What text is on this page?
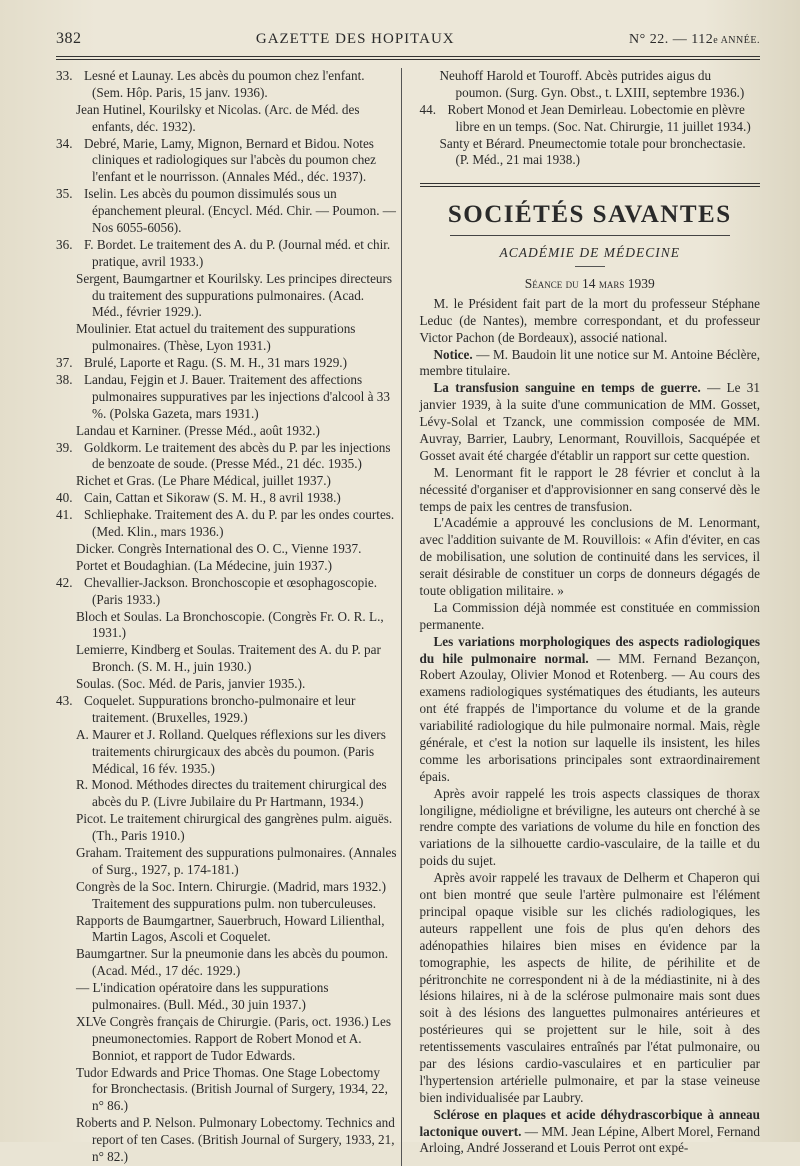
382	GAZETTE DES HOPITAUX	N° 22. — 112e ANNÉE.

33. Lesné et Launay. Les abcès du poumon chez l'enfant. (Sem. Hôp. Paris, 15 janv. 1936).

Jean Hutinel, Kourilsky et Nicolas. (Arc. de Méd. des enfants, déc. 1932).

34. Debré, Marie, Lamy, Mignon, Bernard et Bidou. Notes cliniques et radiologiques sur l'abcès du poumon chez l'enfant et le nourrisson. (Annales Méd., déc. 1937).

35. Iselin. Les abcès du poumon dissimulés sous un épanchement pleural. (Encycl. Méd. Chir. — Poumon. — Nos 6055-6056).

36. F. Bordet. Le traitement des A. du P. (Journal méd. et chir. pratique, avril 1933.)

Sergent, Baumgartner et Kourilsky. Les principes directeurs du traitement des suppurations pulmonaires. (Acad. Méd., février 1929.).

Moulinier. Etat actuel du traitement des suppurations pulmonaires. (Thèse, Lyon 1931.)

37. Brulé, Laporte et Ragu. (S. M. H., 31 mars 1929.)

38. Landau, Fejgin et J. Bauer. Traitement des affections pulmonaires suppuratives par les injections d'alcool à 33 %. (Polska Gazeta, mars 1931.)

Landau et Karniner. (Presse Méd., août 1932.)

39. Goldkorm. Le traitement des abcès du P. par les injections de benzoate de soude. (Presse Méd., 21 déc. 1935.)

Richet et Gras. (Le Phare Médical, juillet 1937.)

40. Cain, Cattan et Sikoraw (S. M. H., 8 avril 1938.)

41. Schliephake. Traitement des A. du P. par les ondes courtes. (Med. Klin., mars 1936.)

Dicker. Congrès International des O. C., Vienne 1937.

Portet et Boudaghian. (La Médecine, juin 1937.)

42. Chevallier-Jackson. Bronchoscopie et œsophagoscopie. (Paris 1933.)

Bloch et Soulas. La Bronchoscopie. (Congrès Fr. O. R. L., 1931.)

Lemierre, Kindberg et Soulas. Traitement des A. du P. par Bronch. (S. M. H., juin 1930.)

Soulas. (Soc. Méd. de Paris, janvier 1935.).

43. Coquelet. Suppurations broncho-pulmonaire et leur traitement. (Bruxelles, 1929.)

A. Maurer et J. Rolland. Quelques réflexions sur les divers traitements chirurgicaux des abcès du poumon. (Paris Médical, 16 fév. 1935.)

R. Monod. Méthodes directes du traitement chirurgical des abcès du P. (Livre Jubilaire du Pr Hartmann, 1934.)

Picot. Le traitement chirurgical des gangrènes pulm. aiguës. (Th., Paris 1910.)

Graham. Traitement des suppurations pulmonaires. (Annales of Surg., 1927, p. 174-181.)

Congrès de la Soc. Intern. Chirurgie. (Madrid, mars 1932.) Traitement des suppurations pulm. non tuberculeuses.

Rapports de Baumgartner, Sauerbruch, Howard Lilienthal, Martin Lagos, Ascoli et Coquelet.

Baumgartner. Sur la pneumonie dans les abcès du poumon. (Acad. Méd., 17 déc. 1929.)

— L'indication opératoire dans les suppurations pulmonaires. (Bull. Méd., 30 juin 1937.)

XLVe Congrès français de Chirurgie. (Paris, oct. 1936.) Les pneumonectomies. Rapport de Robert Monod et A. Bonniot, et rapport de Tudor Edwards.

Tudor Edwards and Price Thomas. One Stage Lobectomy for Bronchectasis. (British Journal of Surgery, 1934, 22, n° 86.)

Roberts and P. Nelson. Pulmonary Lobectomy. Technics and report of ten Cases. (British Journal of Surgery, 1933, 21, n° 82.)

Neuhoff Harold et Touroff. Abcès putrides aigus du poumon. (Surg. Gyn. Obst., t. LXIII, septembre 1936.)

44. Robert Monod et Jean Demirleau. Lobectomie en plèvre libre en un temps. (Soc. Nat. Chirurgie, 11 juillet 1934.)

Santy et Bérard. Pneumectomie totale pour bronchectasie. (P. Méd., 21 mai 1938.)

SOCIÉTÉS SAVANTES
ACADÉMIE DE MÉDECINE
Séance du 14 mars 1939

M. le Président fait part de la mort du professeur Stéphane Leduc (de Nantes), membre correspondant, et du professeur Victor Pachon (de Bordeaux), associé national.

Notice. — M. Baudoin lit une notice sur M. Antoine Béclère, membre titulaire.

La transfusion sanguine en temps de guerre. — Le 31 janvier 1939, à la suite d'une communication de MM. Gosset, Lévy-Solal et Tzanck, une commission composée de MM. Auvray, Barrier, Laubry, Lenormant, Rouvillois, Sacquépée et Gosset avait été chargée d'établir un rapport sur cette question.

M. Lenormant fit le rapport le 28 février et conclut à la nécessité d'organiser et d'approvisionner en sang conservé dès le temps de paix les centres de transfusion.

L'Académie a approuvé les conclusions de M. Lenormant, avec l'addition suivante de M. Rouvillois: « Afin d'éviter, en cas de mobilisation, une solution de continuité dans les services, il serait désirable de constituer un corps de donneurs dégagés de toute obligation militaire. »

La Commission déjà nommée est constituée en commission permanente.

Les variations morphologiques des aspects radiologiques du hile pulmonaire normal. — MM. Fernand Bezançon, Robert Azoulay, Olivier Monod et Rotenberg. — Au cours des examens radiologiques systématiques des étudiants, les auteurs ont été frappés de l'importance du volume et de la grande variabilité radiologique du hile pulmonaire normal. Mais, règle générale, et c'est la notion sur laquelle ils insistent, les hiles comme les arborisations principales sont extraordinairement épais.

Après avoir rappelé les trois aspects classiques de thorax longiligne, médioligne et bréviligne, les auteurs ont cherché à se rendre compte des variations de volume du hile en fonction des variations de la silhouette cardio-vasculaire, de la taille et du poids du sujet.

Après avoir rappelé les travaux de Delherm et Chaperon qui ont bien montré que seule l'artère pulmonaire est l'élément principal opaque visible sur les clichés radiologiques, les auteurs rappellent une fois de plus qu'en dehors des adénopathies hilaires bien mises en évidence par la tomographie, les aspects de hilite, de périhilite et de péritronchite ne correspondent ni à de la médiastinite, ni à des lésions hilaires, ni à de la sclérose pulmonaire mais sont dues soit à des lésions des languettes pulmonaires antérieures et postérieures qui se projettent sur le hile, soit à des retentissements vasculaires entraînés par l'état pulmonaire, ou par des lésions cardio-vasculaires et en particulier par l'hypertension artérielle pulmonaire, et par la stase veineuse bien individualisée par Laubry.

Sclérose en plaques et acide déhydrascorbique à anneau lactonique ouvert. — MM. Jean Lépine, Albert Morel, Fernand Arloing, André Josserand et Louis Perrot ont expé-
